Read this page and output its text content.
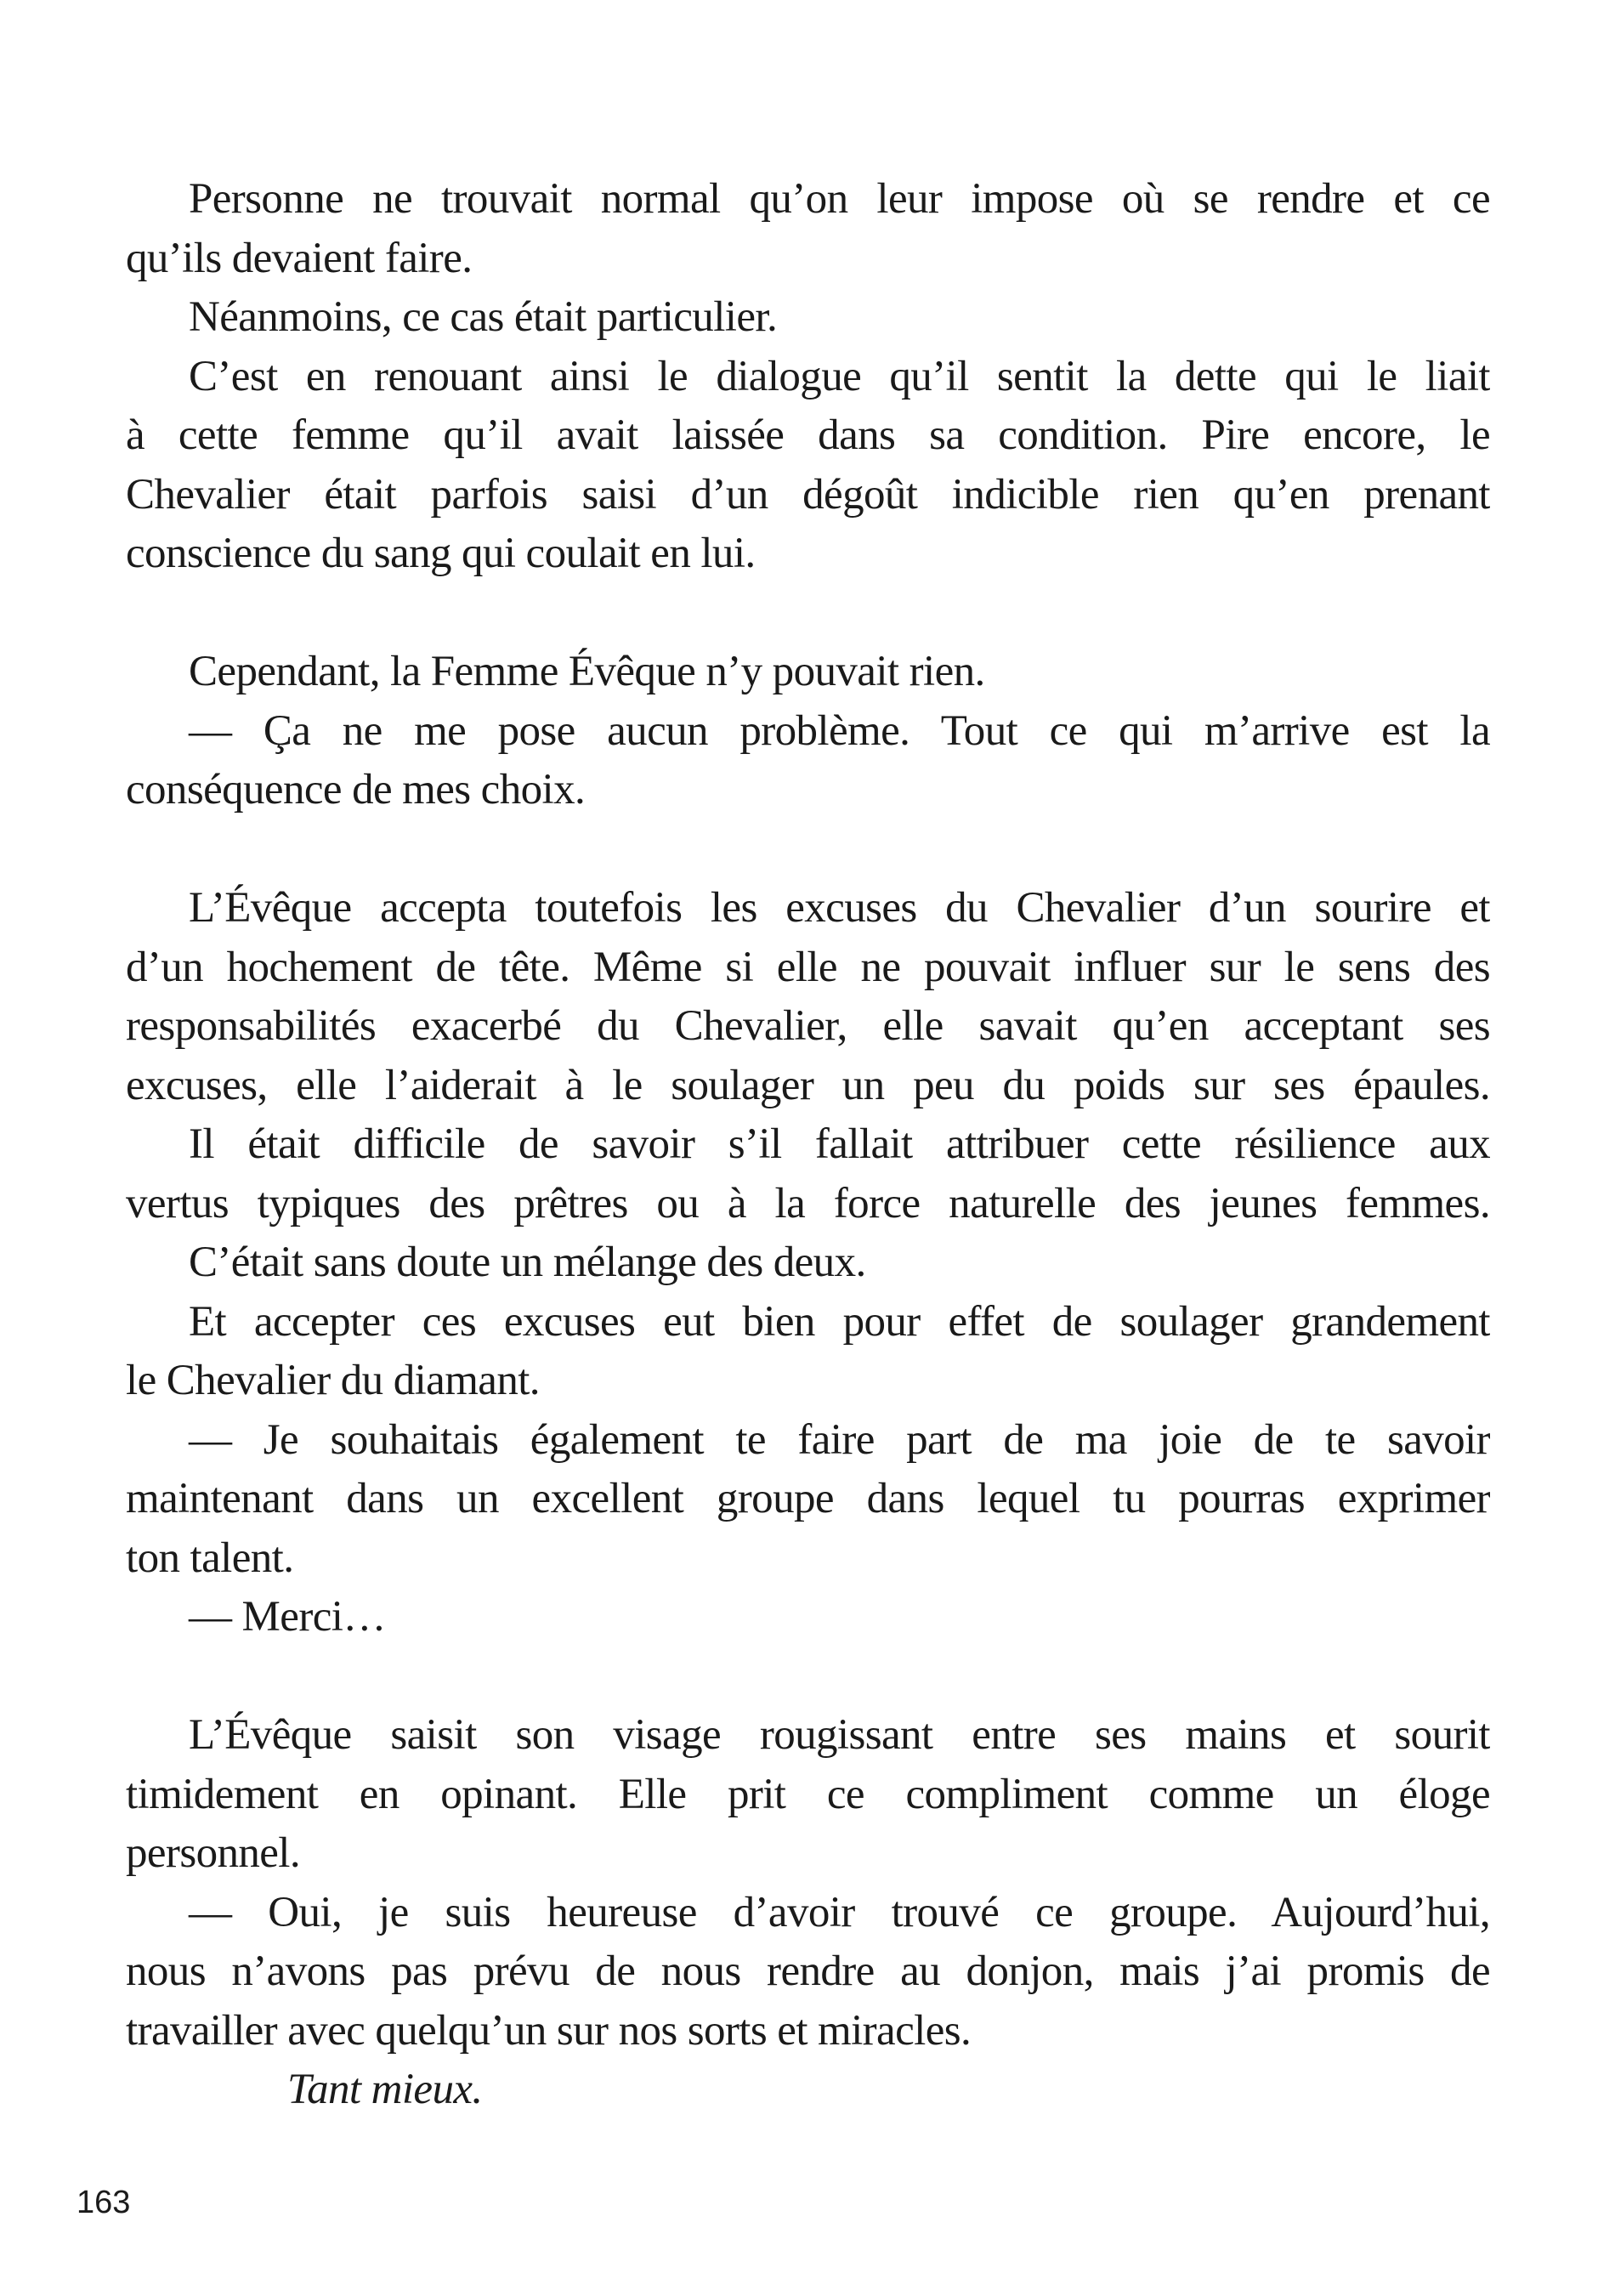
Personne ne trouvait normal qu’on leur impose où se rendre et ce
qu’ils devaient faire.
Néanmoins, ce cas était particulier.
C’est en renouant ainsi le dialogue qu’il sentit la dette qui le liait
à cette femme qu’il avait laissée dans sa condition. Pire encore, le
Chevalier était parfois saisi d’un dégoût indicible rien qu’en prenant
conscience du sang qui coulait en lui.
Cependant, la Femme Évêque n’y pouvait rien.
— Ça ne me pose aucun problème. Tout ce qui m’arrive est la
conséquence de mes choix.
L’Évêque accepta toutefois les excuses du Chevalier d’un sourire et
d’un hochement de tête. Même si elle ne pouvait influer sur le sens des
responsabilités exacerbé du Chevalier, elle savait qu’en acceptant ses
excuses, elle l’aiderait à le soulager un peu du poids sur ses épaules.
Il était difficile de savoir s’il fallait attribuer cette résilience aux
vertus typiques des prêtres ou à la force naturelle des jeunes femmes.
C’était sans doute un mélange des deux.
Et accepter ces excuses eut bien pour effet de soulager grandement
le Chevalier du diamant.
— Je souhaitais également te faire part de ma joie de te savoir
maintenant dans un excellent groupe dans lequel tu pourras exprimer
ton talent.
— Merci…
L’Évêque saisit son visage rougissant entre ses mains et sourit
timidement en opinant. Elle prit ce compliment comme un éloge
personnel.
— Oui, je suis heureuse d’avoir trouvé ce groupe. Aujourd’hui,
nous n’avons pas prévu de nous rendre au donjon, mais j’ai promis de
travailler avec quelqu’un sur nos sorts et miracles.
Tant mieux.
163
